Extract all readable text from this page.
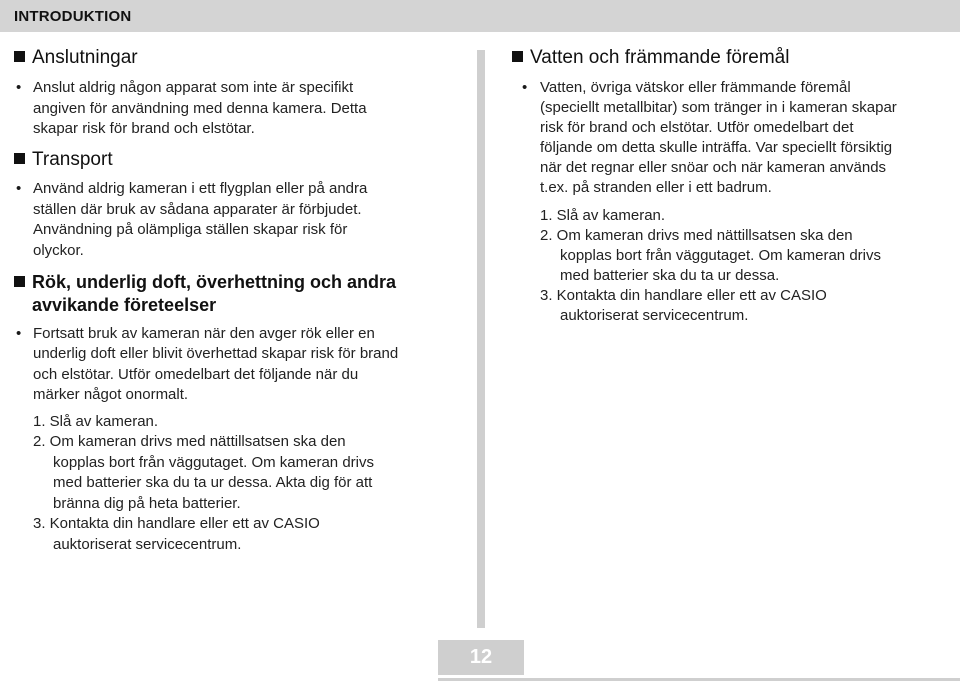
INTRODUKTION
Anslutningar
• Anslut aldrig någon apparat som inte är specifikt
angiven för användning med denna kamera. Detta
skapar risk för brand och elstötar.
Transport
• Använd aldrig kameran i ett flygplan eller på andra
ställen där bruk av sådana apparater är förbjudet.
Användning på olämpliga ställen skapar risk för
olyckor.
Rök, underlig doft, överhettning och andra
avvikande företeelser
• Fortsatt bruk av kameran när den avger rök eller en
underlig doft eller blivit överhettad skapar risk för brand
och elstötar. Utför omedelbart det följande när du
märker något onormalt.
1. Slå av kameran.
2. Om kameran drivs med nättillsatsen ska den
kopplas bort från väggutaget. Om kameran drivs
med batterier ska du ta ur dessa. Akta dig för att
bränna dig på heta batterier.
3. Kontakta din handlare eller ett av CASIO
auktoriserat servicecentrum.
Vatten och främmande föremål
• Vatten, övriga vätskor eller främmande föremål
(speciellt metallbitar) som tränger in i kameran skapar
risk för brand och elstötar. Utför omedelbart det
följande om detta skulle inträffa. Var speciellt försiktig
när det regnar eller snöar och när kameran används
t.ex. på stranden eller i ett badrum.
1. Slå av kameran.
2. Om kameran drivs med nättillsatsen ska den
kopplas bort från väggutaget. Om kameran drivs
med batterier ska du ta ur dessa.
3. Kontakta din handlare eller ett av CASIO
auktoriserat servicecentrum.
12
